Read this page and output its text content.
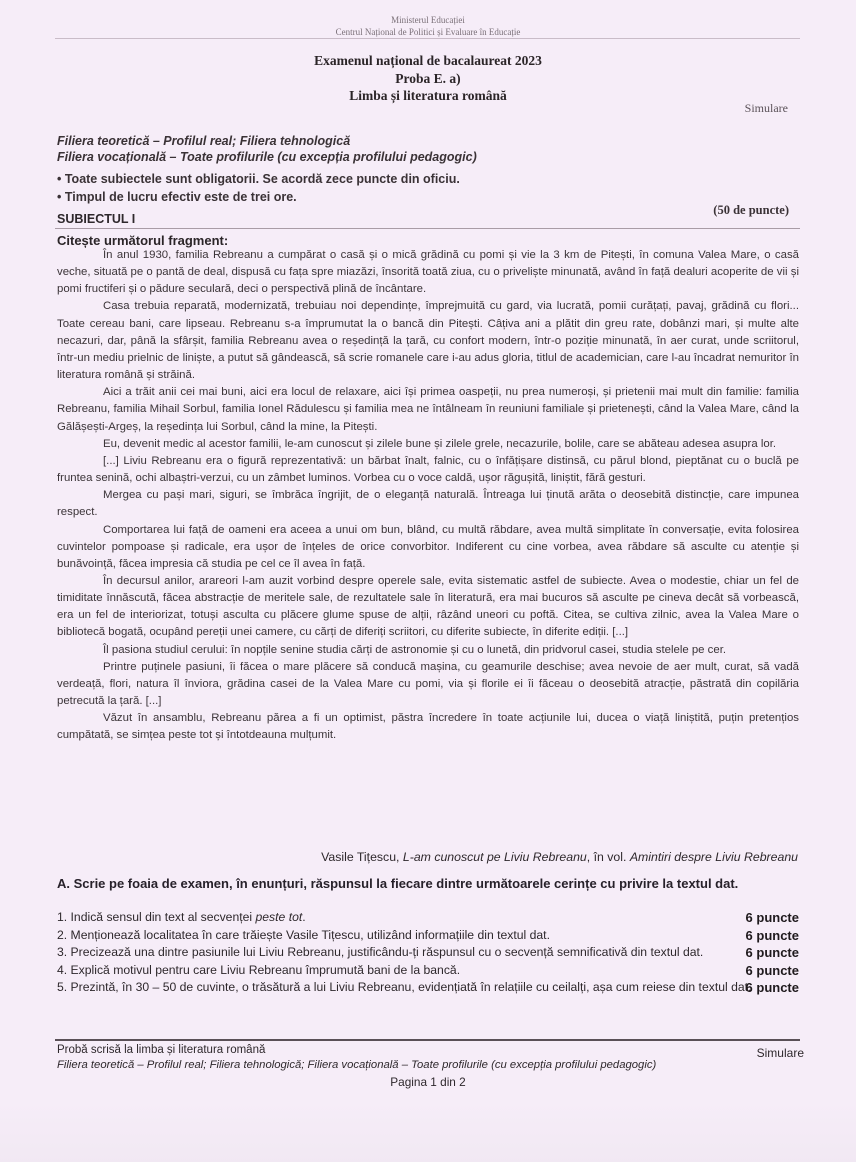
Ministerul Educației
Centrul Național de Politici și Evaluare în Educație
Examenul național de bacalaureat 2023
Proba E. a)
Limba și literatura română
Simulare
Filiera teoretică – Profilul real; Filiera tehnologică
Filiera vocațională – Toate profilurile (cu excepția profilului pedagogic)
• Toate subiectele sunt obligatorii. Se acordă zece puncte din oficiu.
• Timpul de lucru efectiv este de trei ore.
SUBIECTUL I
(50 de puncte)
Citește următorul fragment:

În anul 1930, familia Rebreanu a cumpărat o casă și o mică grădină cu pomi și vie la 3 km de Pitești, în comuna Valea Mare, o casă veche, situată pe o pantă de deal, dispusă cu fața spre miazăzi, însorită toată ziua, cu o priveliște minunată, având în față dealuri acoperite de vii și pomi fructiferi și o pădure seculară, deci o perspectivă plină de încântare.

Casa trebuia reparată, modernizată, trebuiau noi dependințe, împrejmuită cu gard, via lucrată, pomii curățați, pavaj, grădină cu flori... Toate cereau bani, care lipseau. Rebreanu s-a împrumutat la o bancă din Pitești. Câțiva ani a plătit din greu rate, dobânzi mari, și multe alte necazuri, dar, până la sfârșit, familia Rebreanu avea o reședință la țară, cu confort modern, într-o poziție minunată, în aer curat, unde scriitorul, într-un mediu prielnic de liniște, a putut să gândească, să scrie romanele care i-au adus gloria, titlul de academician, care l-au încadrat nemuritor în literatura română și străină.

Aici a trăit anii cei mai buni, aici era locul de relaxare, aici își primea oaspeții, nu prea numeroși, și prietenii mai mult din familie: familia Rebreanu, familia Mihail Sorbul, familia Ionel Rădulescu și familia mea ne întâlneam în reuniuni familiale și prietenești, când la Valea Mare, când la Gălășești-Argeș, la reședința lui Sorbul, când la mine, la Pitești.

Eu, devenit medic al acestor familii, le-am cunoscut și zilele bune și zilele grele, necazurile, bolile, care se abăteau adesea asupra lor.

[...] Liviu Rebreanu era o figură reprezentativă: un bărbat înalt, falnic, cu o înfățișare distinsă, cu părul blond, pieptănat cu o buclă pe fruntea senină, ochi albaștri-verzui, cu un zâmbet luminos. Vorbea cu o voce caldă, ușor răgușită, liniștit, fără gesturi.

Mergea cu pași mari, siguri, se îmbrăca îngrijit, de o eleganță naturală. Întreaga lui ținută arăta o deosebită distincție, care impunea respect.

Comportarea lui față de oameni era aceea a unui om bun, blând, cu multă răbdare, avea multă simplitate în conversație, evita folosirea cuvintelor pompoase și radicale, era ușor de înțeles de orice convorbitor. Indiferent cu cine vorbea, avea răbdare să asculte cu atenție și bunăvoință, făcea impresia că studia pe cel ce îl avea în față.

În decursul anilor, arareori l-am auzit vorbind despre operele sale, evita sistematic astfel de subiecte. Avea o modestie, chiar un fel de timiditate înnăscută, făcea abstracție de meritele sale, de rezultatele sale în literatură, era mai bucuros să asculte pe cineva decât să vorbească, era un fel de interiorizat, totuși asculta cu plăcere glume spuse de alții, râzând uneori cu poftă. Citea, se cultiva zilnic, avea la Valea Mare o bibliotecă bogată, ocupând pereții unei camere, cu cărți de diferiți scriitori, cu diferite subiecte, în diferite ediții. [...]

Îl pasiona studiul cerului: în nopțile senine studia cărți de astronomie și cu o lunetă, din pridvorul casei, studia stelele pe cer.

Printre puținele pasiuni, îi făcea o mare plăcere să conducă mașina, cu geamurile deschise; avea nevoie de aer mult, curat, să vadă verdeață, flori, natura îl înviora, grădina casei de la Valea Mare cu pomi, via și florile ei îi făceau o deosebită atracție, păstrată din copilăria petrecută la țară. [...]

Văzut în ansamblu, Rebreanu părea a fi un optimist, păstra încredere în toate acțiunile lui, ducea o viață liniștită, puțin pretențios cumpătată, se simțea peste tot și întotdeauna mulțumit.

Vasile Tițescu, L-am cunoscut pe Liviu Rebreanu, în vol. Amintiri despre Liviu Rebreanu
A. Scrie pe foaia de examen, în enunțuri, răspunsul la fiecare dintre următoarele cerințe cu privire la textul dat.
6 puncte
1. Indică sensul din text al secvenței peste tot.
6 puncte
2. Menționează localitatea în care trăiește Vasile Tițescu, utilizând informațiile din textul dat.
3. Precizează una dintre pasiunile lui Liviu Rebreanu, justificându-ți răspunsul cu o secvență semnificativă din textul dat.	6 puncte
6 puncte
4. Explică motivul pentru care Liviu Rebreanu împrumută bani de la bancă.
5. Prezintă, în 30 – 50 de cuvinte, o trăsătură a lui Liviu Rebreanu, evidențiată în relațiile cu ceilalți, așa cum reiese din textul dat.
6 puncte
Probă scrisă la limba și literatura română	Simulare
Filiera teoretică – Profilul real; Filiera tehnologică; Filiera vocațională – Toate profilurile (cu excepția profilului pedagogic)
Pagina 1 din 2
